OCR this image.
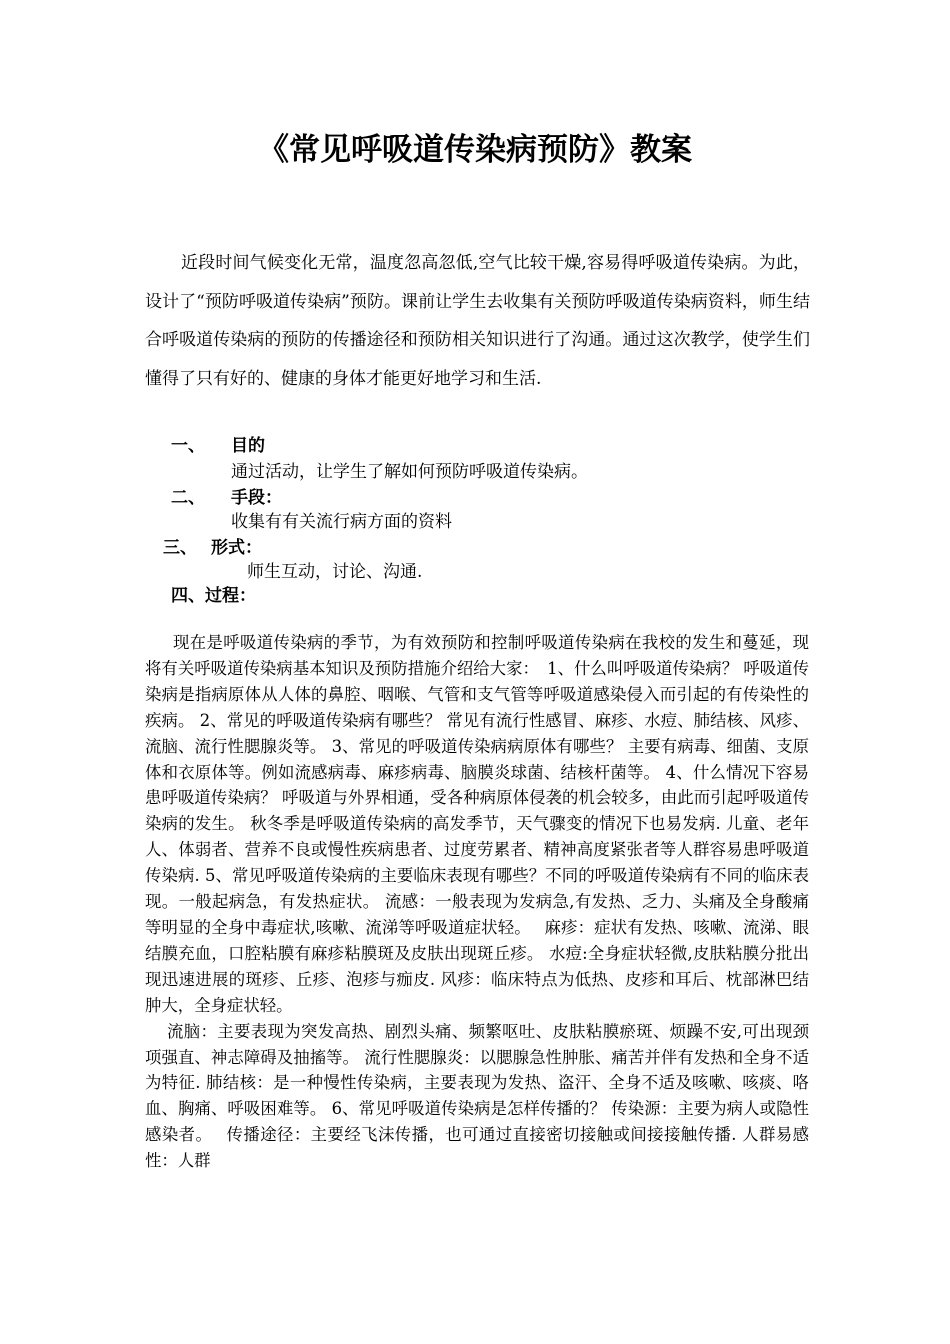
《常见呼吸道传染病预防》教案

近段时间气候变化无常，温度忽高忽低,空气比较干燥,容易得呼吸道传染病。为此，设计了“预防呼吸道传染病”预防。课前让学生去收集有关预防呼吸道传染病资料，师生结合呼吸道传染病的预防的传播途径和预防相关知识进行了沟通。通过这次教学，使学生们懂得了只有好的、健康的身体才能更好地学习和生活.

一、 目的
通过活动，让学生了解如何预防呼吸道传染病。
二、 手段：
收集有有关流行病方面的资料
三、 形式：
师生互动，讨论、沟通.
四、过程：

现在是呼吸道传染病的季节，为有效预防和控制呼吸道传染病在我校的发生和蔓延，现将有关呼吸道传染病基本知识及预防措施介绍给大家：　1、什么叫呼吸道传染病？ 呼吸道传染病是指病原体从人体的鼻腔、咽喉、气管和支气管等呼吸道感染侵入而引起的有传染性的疾病。 2、常见的呼吸道传染病有哪些？ 常见有流行性感冒、麻疹、水痘、肺结核、风疹、流脑、流行性腮腺炎等。 3、常见的呼吸道传染病病原体有哪些？ 主要有病毒、细菌、支原体和衣原体等。例如流感病毒、麻疹病毒、脑膜炎球菌、结核杆菌等。 4、什么情况下容易患呼吸道传染病？ 呼吸道与外界相通，受各种病原体侵袭的机会较多，由此而引起呼吸道传染病的发生。 秋冬季是呼吸道传染病的高发季节，天气骤变的情况下也易发病. 儿童、老年人、体弱者、营养不良或慢性疾病患者、过度劳累者、精神高度紧张者等人群容易患呼吸道传染病. 5、常见呼吸道传染病的主要临床表现有哪些？不同的呼吸道传染病有不同的临床表现。一般起病急，有发热症状。 流感：一般表现为发病急,有发热、乏力、头痛及全身酸痛等明显的全身中毒症状,咳嗽、流涕等呼吸道症状轻。　 麻疹：症状有发热、咳嗽、流涕、眼结膜充血，口腔粘膜有麻疹粘膜斑及皮肤出现斑丘疹。 水痘:全身症状轻微,皮肤粘膜分批出现迅速进展的斑疹、丘疹、泡疹与痂皮. 风疹：临床特点为低热、皮疹和耳后、枕部淋巴结肿大，全身症状轻。

流脑：主要表现为突发高热、剧烈头痛、频繁呕吐、皮肤粘膜瘀斑、烦躁不安,可出现颈项强直、神志障碍及抽搐等。 流行性腮腺炎：以腮腺急性肿胀、痛苦并伴有发热和全身不适为特征. 肺结核：是一种慢性传染病，主要表现为发热、盗汗、全身不适及咳嗽、咳痰、咯血、胸痛、呼吸困难等。 6、常见呼吸道传染病是怎样传播的？ 传染源：主要为病人或隐性感染者。　 传播途径：主要经飞沫传播，也可通过直接密切接触或间接接触传播. 人群易感性：人群
